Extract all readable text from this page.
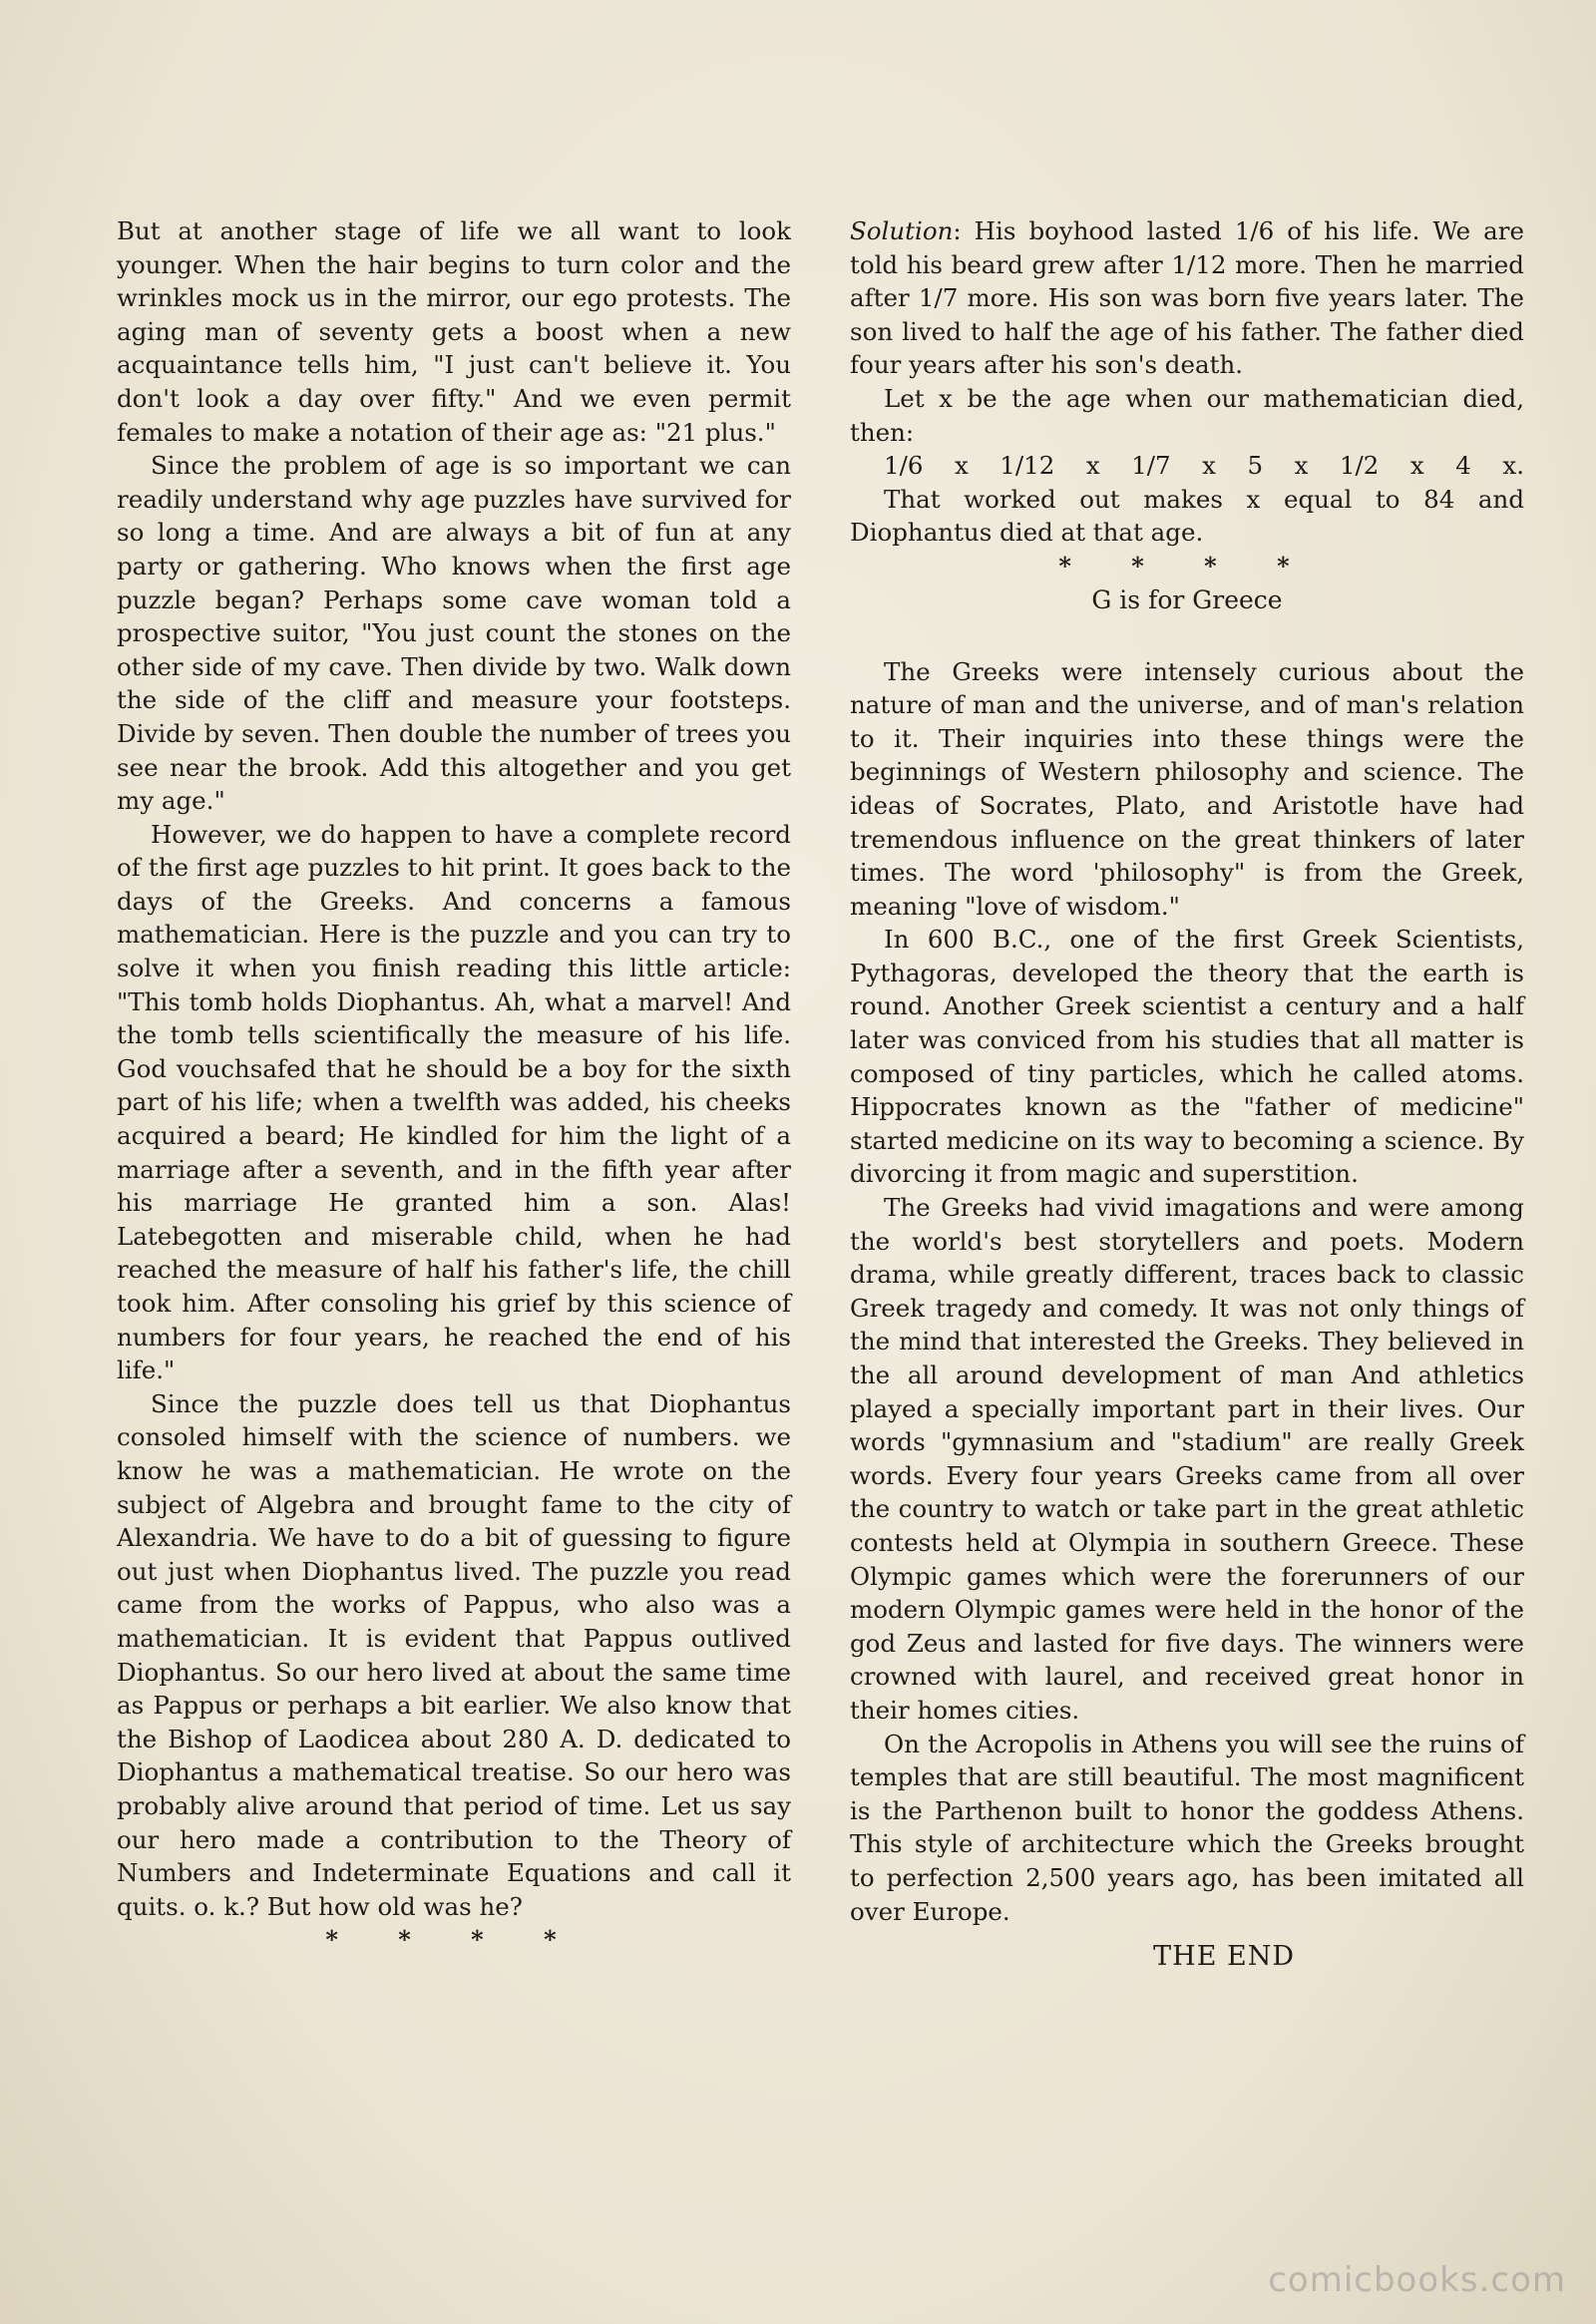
But at another stage of life we all want to look younger. When the hair begins to turn color and the wrinkles mock us in the mirror, our ego protests. The aging man of seventy gets a boost when a new acquaintance tells him, "I just can't believe it. You don't look a day over fifty." And we even permit females to make a notation of their age as: "21 plus."

Since the problem of age is so important we can readily understand why age puzzles have survived for so long a time. And are always a bit of fun at any party or gathering. Who knows when the first age puzzle began? Perhaps some cave woman told a prospective suitor, "You just count the stones on the other side of my cave. Then divide by two. Walk down the side of the cliff and measure your footsteps. Divide by seven. Then double the number of trees you see near the brook. Add this altogether and you get my age."

However, we do happen to have a complete record of the first age puzzles to hit print. It goes back to the days of the Greeks. And concerns a famous mathematician. Here is the puzzle and you can try to solve it when you finish reading this little article: "This tomb holds Diophantus. Ah, what a marvel! And the tomb tells scientifically the measure of his life. God vouchsafed that he should be a boy for the sixth part of his life; when a twelfth was added, his cheeks acquired a beard; He kindled for him the light of a marriage after a seventh, and in the fifth year after his marriage He granted him a son. Alas! Latebegotten and miserable child, when he had reached the measure of half his father's life, the chill took him. After consoling his grief by this science of numbers for four years, he reached the end of his life."

Since the puzzle does tell us that Diophantus consoled himself with the science of numbers. we know he was a mathematician. He wrote on the subject of Algebra and brought fame to the city of Alexandria. We have to do a bit of guessing to figure out just when Diophantus lived. The puzzle you read came from the works of Pappus, who also was a mathematician. It is evident that Pappus outlived Diophantus. So our hero lived at about the same time as Pappus or perhaps a bit earlier. We also know that the Bishop of Laodicea about 280 A. D. dedicated to Diophantus a mathematical treatise. So our hero was probably alive around that period of time. Let us say our hero made a contribution to the Theory of Numbers and Indeterminate Equations and call it quits. o. k.? But how old was he?

* * * *

Solution: His boyhood lasted 1/6 of his life. We are told his beard grew after 1/12 more. Then he married after 1/7 more. His son was born five years later. The son lived to half the age of his father. The father died four years after his son's death.

Let x be the age when our mathematician died, then:

1/6 x 1/12 x 1/7 x 5 x 1/2 x 4 x.

That worked out makes x equal to 84 and Diophantus died at that age.

* * * *
G is for Greece

The Greeks were intensely curious about the nature of man and the universe, and of man's relation to it. Their inquiries into these things were the beginnings of Western philosophy and science. The ideas of Socrates, Plato, and Aristotle have had tremendous influence on the great thinkers of later times. The word 'philosophy" is from the Greek, meaning "love of wisdom."

In 600 B.C., one of the first Greek Scientists, Pythagoras, developed the theory that the earth is round. Another Greek scientist a century and a half later was conviced from his studies that all matter is composed of tiny particles, which he called atoms. Hippocrates known as the "father of medicine" started medicine on its way to becoming a science. By divorcing it from magic and superstition.

The Greeks had vivid imagations and were among the world's best storytellers and poets. Modern drama, while greatly different, traces back to classic Greek tragedy and comedy. It was not only things of the mind that interested the Greeks. They believed in the all around development of man And athletics played a specially important part in their lives. Our words "gymnasium and "stadium" are really Greek words. Every four years Greeks came from all over the country to watch or take part in the great athletic contests held at Olympia in southern Greece. These Olympic games which were the forerunners of our modern Olympic games were held in the honor of the god Zeus and lasted for five days. The winners were crowned with laurel, and received great honor in their homes cities.

On the Acropolis in Athens you will see the ruins of temples that are still beautiful. The most magnificent is the Parthenon built to honor the goddess Athens. This style of architecture which the Greeks brought to perfection 2,500 years ago, has been imitated all over Europe.

THE END
comicbooks.com
